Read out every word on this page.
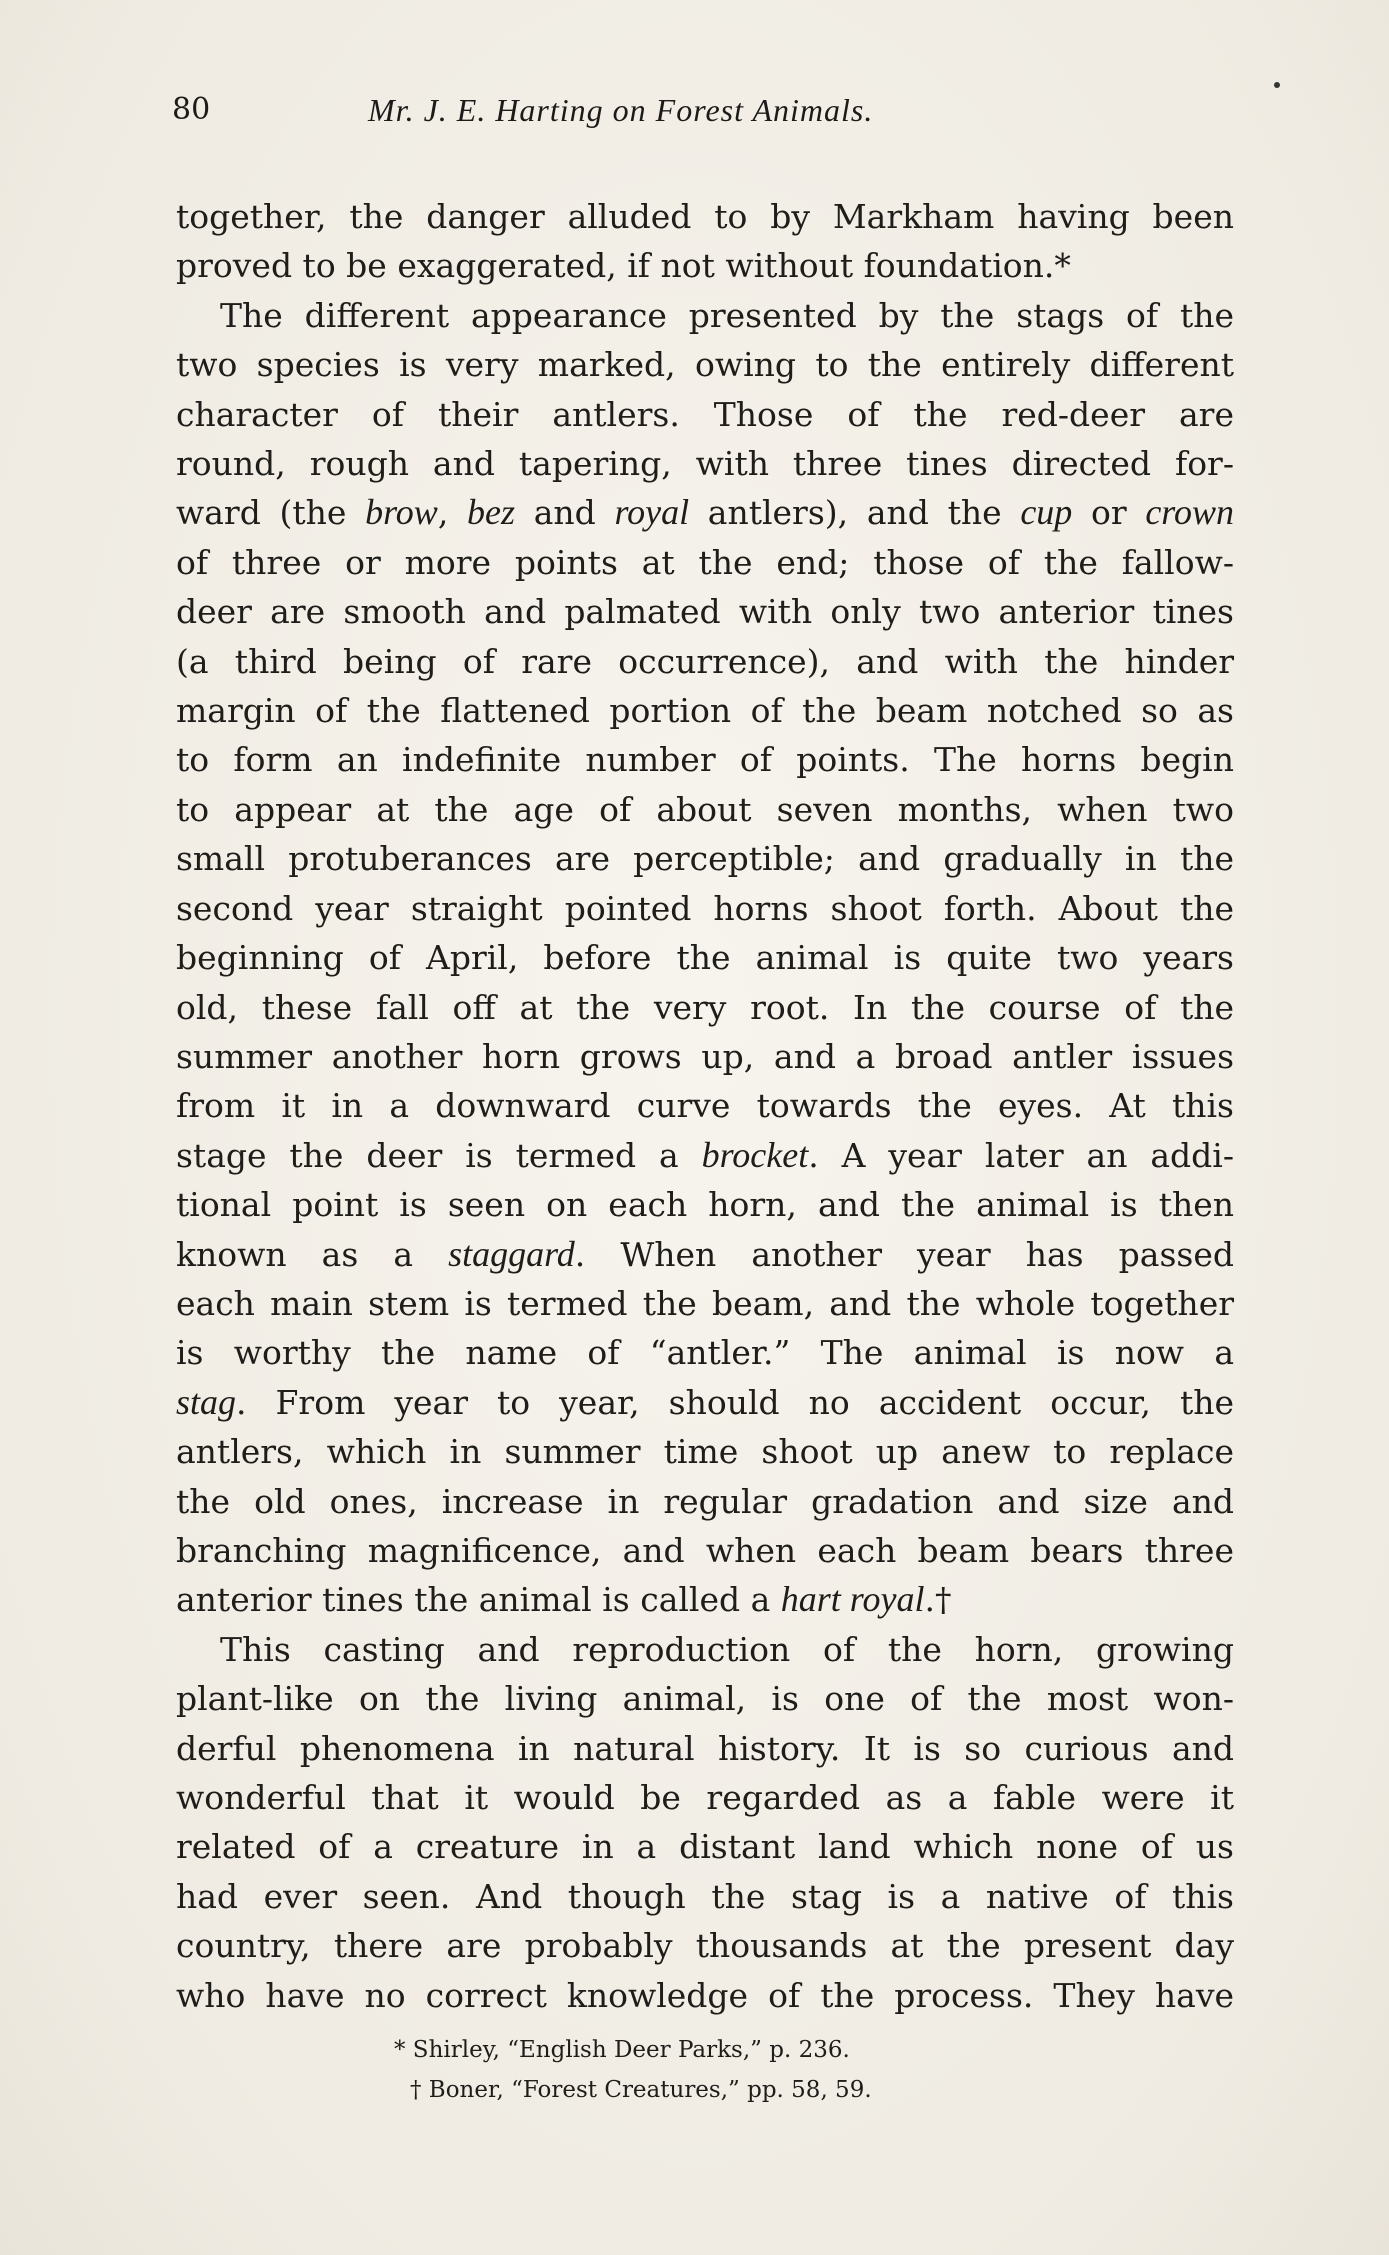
80	Mr. J. E. Harting on Forest Animals.
together, the danger alluded to by Markham having been
proved to be exaggerated, if not without foundation.*
The different appearance presented by the stags of the
two species is very marked, owing to the entirely different
character of their antlers. Those of the red-deer are
round, rough and tapering, with three tines directed for-
ward (the brow, bez and royal antlers), and the cup or crown
of three or more points at the end; those of the fallow-
deer are smooth and palmated with only two anterior tines
(a third being of rare occurrence), and with the hinder
margin of the flattened portion of the beam notched so as
to form an indefinite number of points. The horns begin
to appear at the age of about seven months, when two
small protuberances are perceptible; and gradually in the
second year straight pointed horns shoot forth. About the
beginning of April, before the animal is quite two years
old, these fall off at the very root. In the course of the
summer another horn grows up, and a broad antler issues
from it in a downward curve towards the eyes. At this
stage the deer is termed a brocket. A year later an addi-
tional point is seen on each horn, and the animal is then
known as a staggard. When another year has passed
each main stem is termed the beam, and the whole together
is worthy the name of “antler.” The animal is now a
stag. From year to year, should no accident occur, the
antlers, which in summer time shoot up anew to replace
the old ones, increase in regular gradation and size and
branching magnificence, and when each beam bears three
anterior tines the animal is called a hart royal.†
This casting and reproduction of the horn, growing
plant-like on the living animal, is one of the most won-
derful phenomena in natural history. It is so curious and
wonderful that it would be regarded as a fable were it
related of a creature in a distant land which none of us
had ever seen. And though the stag is a native of this
country, there are probably thousands at the present day
who have no correct knowledge of the process. They have
* Shirley, “English Deer Parks,” p. 236.
† Boner, “Forest Creatures,” pp. 58, 59.
